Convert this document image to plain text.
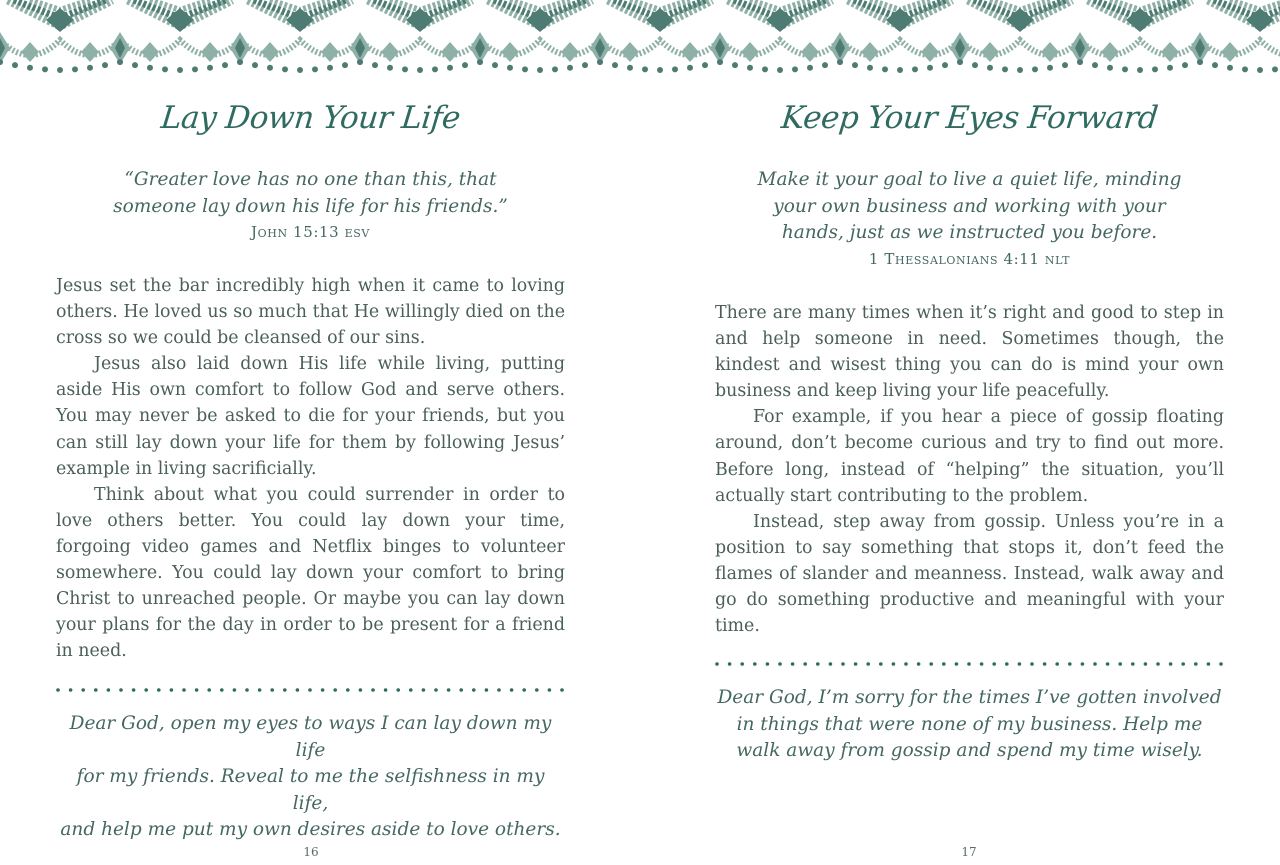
Lay Down Your Life
“Greater love has no one than this, that
someone lay down his life for his friends.”
John 15:13 esv

Jesus set the bar incredibly high when it came to loving others. He loved us so much that He willingly died on the cross so we could be cleansed of our sins.

Jesus also laid down His life while living, putting aside His own comfort to follow God and serve others. You may never be asked to die for your friends, but you can still lay down your life for them by following Jesus’ example in living sacrificially.

Think about what you could surrender in order to love others better. You could lay down your time, forgoing video games and Netflix binges to volunteer somewhere. You could lay down your comfort to bring Christ to unreached people. Or maybe you can lay down your plans for the day in order to be present for a friend in need.

Dear God, open my eyes to ways I can lay down my life
for my friends. Reveal to me the selfishness in my life,
and help me put my own desires aside to love others.
16
Keep Your Eyes Forward
Make it your goal to live a quiet life, minding
your own business and working with your
hands, just as we instructed you before.
1 Thessalonians 4:11 nlt

There are many times when it’s right and good to step in and help someone in need. Sometimes though, the kindest and wisest thing you can do is mind your own business and keep living your life peacefully.

For example, if you hear a piece of gossip floating around, don’t become curious and try to find out more. Before long, instead of “helping” the situation, you’ll actually start contributing to the problem.

Instead, step away from gossip. Unless you’re in a position to say something that stops it, don’t feed the flames of slander and meanness. Instead, walk away and go do something productive and meaningful with your time.

Dear God, I’m sorry for the times I’ve gotten involved
in things that were none of my business. Help me
walk away from gossip and spend my time wisely.
17
